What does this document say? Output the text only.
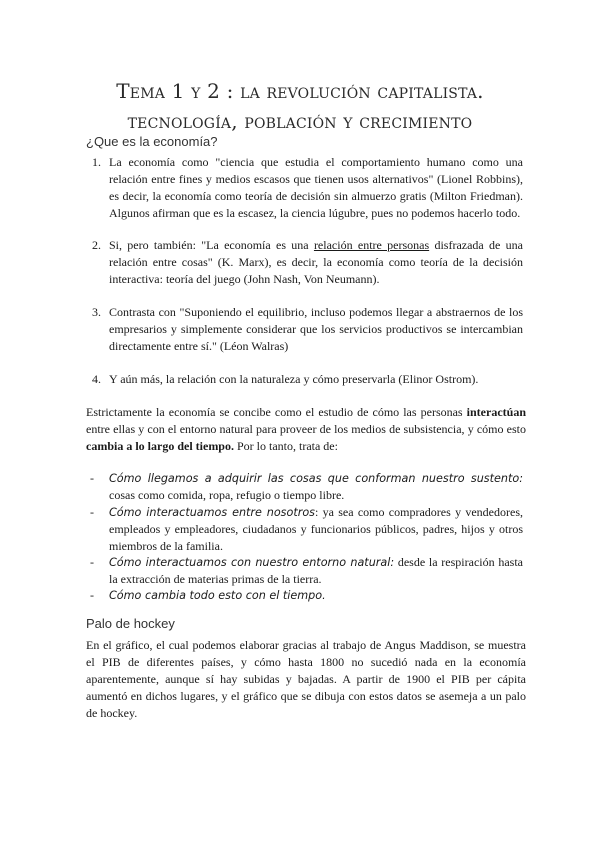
Tema 1 y 2 : la revolución capitalista. tecnología, población y crecimiento
¿Que es la economía?
1. La economía como "ciencia que estudia el comportamiento humano como una relación entre fines y medios escasos que tienen usos alternativos" (Lionel Robbins), es decir, la economía como teoría de decisión sin almuerzo gratis (Milton Friedman). Algunos afirman que es la escasez, la ciencia lúgubre, pues no podemos hacerlo todo.
2. Si, pero también: "La economía es una relación entre personas disfrazada de una relación entre cosas" (K. Marx), es decir, la economía como teoría de la decisión interactiva: teoría del juego (John Nash, Von Neumann).
3. Contrasta con "Suponiendo el equilibrio, incluso podemos llegar a abstraernos de los empresarios y simplemente considerar que los servicios productivos se intercambian directamente entre sí." (Léon Walras)
4. Y aún más, la relación con la naturaleza y cómo preservarla (Elinor Ostrom).
Estrictamente la economía se concibe como el estudio de cómo las personas interactúan entre ellas y con el entorno natural para proveer de los medios de subsistencia, y cómo esto cambia a lo largo del tiempo. Por lo tanto, trata de:
- Cómo llegamos a adquirir las cosas que conforman nuestro sustento: cosas como comida, ropa, refugio o tiempo libre.
- Cómo interactuamos entre nosotros: ya sea como compradores y vendedores, empleados y empleadores, ciudadanos y funcionarios públicos, padres, hijos y otros miembros de la familia.
- Cómo interactuamos con nuestro entorno natural: desde la respiración hasta la extracción de materias primas de la tierra.
- Cómo cambia todo esto con el tiempo.
Palo de hockey
En el gráfico, el cual podemos elaborar gracias al trabajo de Angus Maddison, se muestra el PIB de diferentes países, y cómo hasta 1800 no sucedió nada en la economía aparentemente, aunque sí hay subidas y bajadas. A partir de 1900 el PIB per cápita aumentó en dichos lugares, y el gráfico que se dibuja con estos datos se asemeja a un palo de hockey.
